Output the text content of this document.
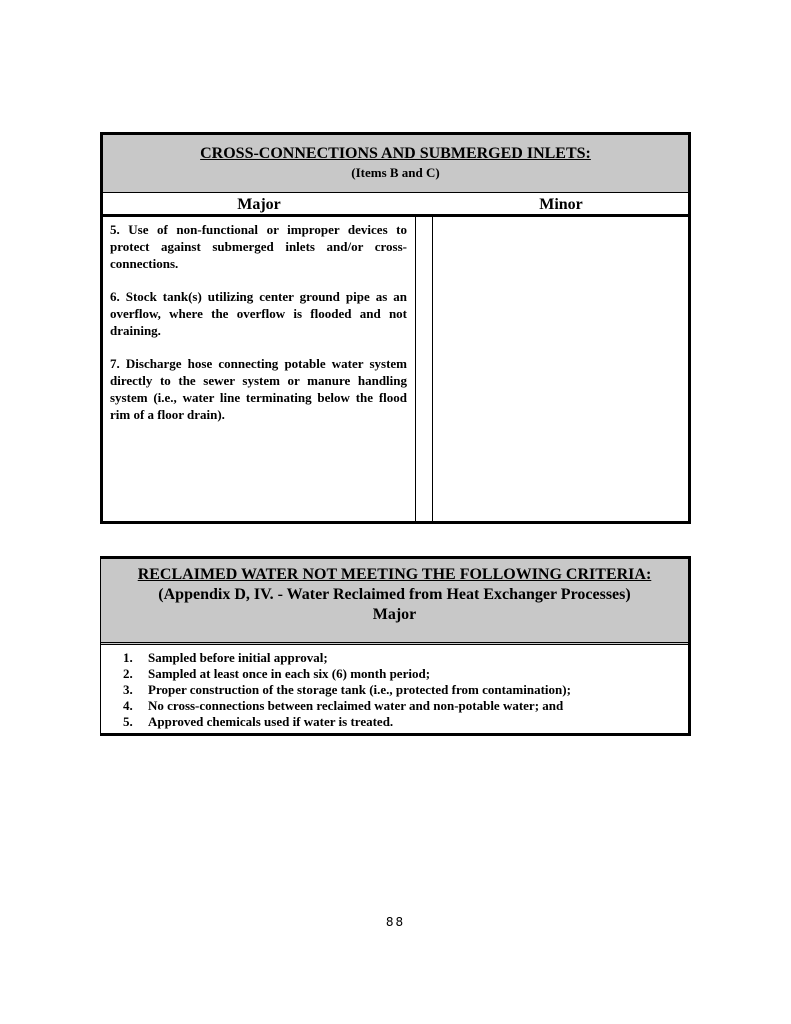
CROSS-CONNECTIONS AND SUBMERGED INLETS:
(Items B and C)
Major	Minor

5. Use of non-functional or improper devices to protect against submerged inlets and/or cross-connections.

6. Stock tank(s) utilizing center ground pipe as an overflow, where the overflow is flooded and not draining.

7. Discharge hose connecting potable water system directly to the sewer system or manure handling system (i.e., water line terminating below the flood rim of a floor drain).

RECLAIMED WATER NOT MEETING THE FOLLOWING CRITERIA:
(Appendix D, IV. - Water Reclaimed from Heat Exchanger Processes)
Major
1.	Sampled before initial approval;
2.	Sampled at least once in each six (6) month period;
3.	Proper construction of the storage tank (i.e., protected from contamination);
4.	No cross-connections between reclaimed water and non-potable water; and
5.	Approved chemicals used if water is treated.
88
